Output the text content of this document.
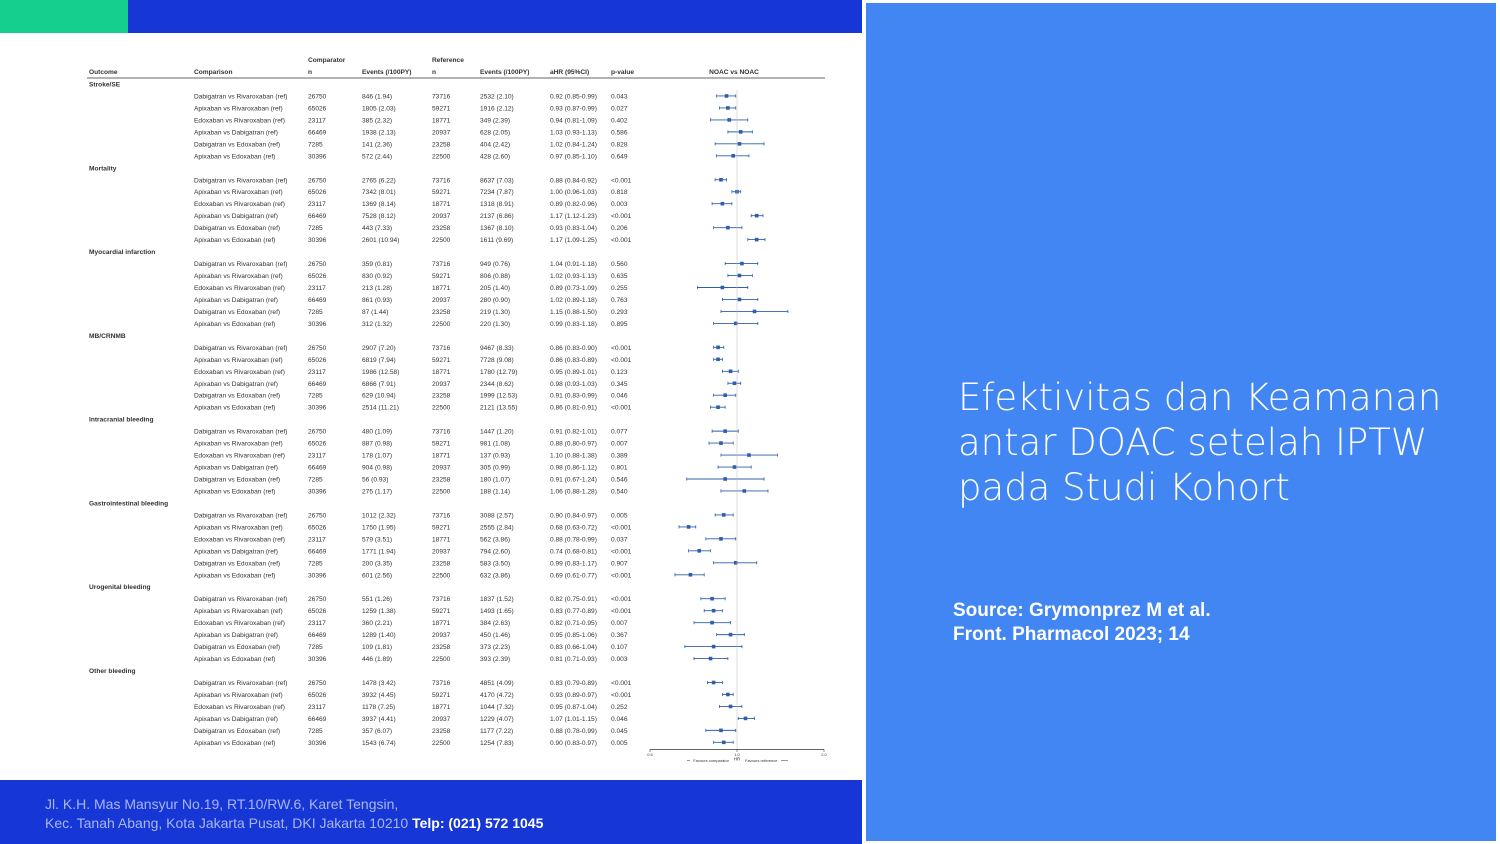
Comparator	Reference
Outcome	Comparison	n	Events (/100PY)	n	Events (/100PY)	aHR (95%CI)	p-value	NOAC vs NOAC
Stroke/SE
Dabigatran vs Rivaroxaban (ref)	26750	846 (1.94)	73716	2532 (2.10)	0.92 (0.85-0.99) 0.043
Apixaban vs Rivaroxaban (ref)	65026	1805 (2.03)	59271	1916 (2.12)	0.93 (0.87-0.99) 0.027
Edoxaban vs Rivaroxaban (ref)	23117	385 (2.32)	18771	349 (2.39)	0.94 (0.81-1.09) 0.402
Apixaban vs Dabigatran (ref)	66469	1938 (2.13)	20937	628 (2.05)	1.03 (0.93-1.13) 0.586
Dabigatran vs Edoxaban (ref)	7285	141 (2.36)	23258	404 (2.42)	1.02 (0.84-1.24) 0.828
Apixaban vs Edoxaban (ref)	30396	572 (2.44)	22500	428 (2.60)	0.97 (0.85-1.10) 0.649
Mortality
Dabigatran vs Rivaroxaban (ref)	26750	2765 (6.22)	73716	8637 (7.03)	0.88 (0.84-0.92) <0.001
Apixaban vs Rivaroxaban (ref)	65026	7342 (8.01)	59271	7234 (7.87)	1.00 (0.96-1.03) 0.818
Edoxaban vs Rivaroxaban (ref)	23117	1369 (8.14)	18771	1318 (8.91)	0.89 (0.82-0.96) 0.003
Apixaban vs Dabigatran (ref)	66469	7528 (8.12)	20937	2137 (6.86)	1.17 (1.12-1.23) <0.001
Dabigatran vs Edoxaban (ref)	7285	443 (7.33)	23258	1367 (8.10)	0.93 (0.83-1.04) 0.206
Apixaban vs Edoxaban (ref)	30396	2601 (10.94)	22500	1611 (9.69)	1.17 (1.09-1.25) <0.001
Myocardial infarction
Dabigatran vs Rivaroxaban (ref)	26750	359 (0.81)	73716	949 (0.76)	1.04 (0.91-1.18) 0.560
Apixaban vs Rivaroxaban (ref)	65026	830 (0.92)	59271	806 (0.88)	1.02 (0.93-1.13) 0.635
Edoxaban vs Rivaroxaban (ref)	23117	213 (1.28)	18771	205 (1.40)	0.89 (0.73-1.09) 0.255
Apixaban vs Dabigatran (ref)	66469	861 (0.93)	20937	280 (0.90)	1.02 (0.89-1.18) 0.763
Dabigatran vs Edoxaban (ref)	7285	87 (1.44)	23258	219 (1.30)	1.15 (0.88-1.50) 0.293
Apixaban vs Edoxaban (ref)	30396	312 (1.32)	22500	220 (1.30)	0.99 (0.83-1.18) 0.895
MB/CRNMB
Dabigatran vs Rivaroxaban (ref)	26750	2907 (7.20)	73716	9467 (8.33)	0.86 (0.83-0.90) <0.001
Apixaban vs Rivaroxaban (ref)	65026	6819 (7.94)	59271	7728 (9.08)	0.86 (0.83-0.89) <0.001
Edoxaban vs Rivaroxaban (ref)	23117	1986 (12.58)	18771	1780 (12.79)	0.95 (0.89-1.01) 0.123
Apixaban vs Dabigatran (ref)	66469	6866 (7.91)	20937	2344 (8.62)	0.98 (0.93-1.03) 0.345
Dabigatran vs Edoxaban (ref)	7285	629 (10.94)	23258	1999 (12.53)	0.91 (0.83-0.99) 0.046
Apixaban vs Edoxaban (ref)	30396	2514 (11.21)	22500	2121 (13.55)	0.86 (0.81-0.91) <0.001
Intracranial bleeding
Dabigatran vs Rivaroxaban (ref)	26750	480 (1.09)	73716	1447 (1.20)	0.91 (0.82-1.01) 0.077
Apixaban vs Rivaroxaban (ref)	65026	887 (0.98)	59271	981 (1.08)	0.88 (0.80-0.97) 0.007
Edoxaban vs Rivaroxaban (ref)	23117	178 (1.07)	18771	137 (0.93)	1.10 (0.88-1.38) 0.389
Apixaban vs Dabigatran (ref)	66469	904 (0.98)	20937	305 (0.99)	0.98 (0.86-1.12) 0.801
Dabigatran vs Edoxaban (ref)	7285	56 (0.93)	23258	180 (1.07)	0.91 (0.67-1.24) 0.546
Apixaban vs Edoxaban (ref)	30396	275 (1.17)	22500	188 (1.14)	1.06 (0.88-1.28) 0.540
Gastrointestinal bleeding
Dabigatran vs Rivaroxaban (ref)	26750	1012 (2.32)	73716	3088 (2.57)	0.90 (0.84-0.97) 0.005
Apixaban vs Rivaroxaban (ref)	65026	1750 (1.95)	59271	2555 (2.84)	0.68 (0.63-0.72) <0.001
Edoxaban vs Rivaroxaban (ref)	23117	579 (3.51)	18771	562 (3.86)	0.88 (0.78-0.99) 0.037
Apixaban vs Dabigatran (ref)	66469	1771 (1.94)	20937	794 (2.60)	0.74 (0.68-0.81) <0.001
Dabigatran vs Edoxaban (ref)	7285	200 (3.35)	23258	583 (3.50)	0.99 (0.83-1.17) 0.907
Apixaban vs Edoxaban (ref)	30396	601 (2.56)	22500	632 (3.86)	0.69 (0.61-0.77) <0.001
Urogenital bleeding
Dabigatran vs Rivaroxaban (ref)	26750	551 (1.26)	73716	1837 (1.52)	0.82 (0.75-0.91) <0.001
Apixaban vs Rivaroxaban (ref)	65026	1259 (1.38)	59271	1493 (1.65)	0.83 (0.77-0.89) <0.001
Edoxaban vs Rivaroxaban (ref)	23117	360 (2.21)	18771	384 (2.63)	0.82 (0.71-0.95) 0.007
Apixaban vs Dabigatran (ref)	66469	1289 (1.40)	20937	450 (1.46)	0.95 (0.85-1.06) 0.367
Dabigatran vs Edoxaban (ref)	7285	109 (1.81)	23258	373 (2.23)	0.83 (0.66-1.04) 0.107
Apixaban vs Edoxaban (ref)	30396	446 (1.89)	22500	393 (2.39)	0.81 (0.71-0.93) 0.003
Other bleeding
Dabigatran vs Rivaroxaban (ref)	26750	1478 (3.42)	73716	4851 (4.09)	0.83 (0.79-0.89) <0.001
Apixaban vs Rivaroxaban (ref)	65026	3932 (4.45)	59271	4170 (4.72)	0.93 (0.89-0.97) <0.001
Edoxaban vs Rivaroxaban (ref)	23117	1178 (7.25)	18771	1044 (7.32)	0.95 (0.87-1.04) 0.252
Apixaban vs Dabigatran (ref)	66469	3937 (4.41)	20937	1229 (4.07)	1.07 (1.01-1.15) 0.046
Dabigatran vs Edoxaban (ref)	7285	357 (6.07)	23258	1177 (7.22)	0.88 (0.78-0.99) 0.045
Apixaban vs Edoxaban (ref)	30396	1543 (6.74)	22500	1254 (7.83)	0.90 (0.83-0.97) 0.005
0.5	1.0	2.0
HR
Favours comparator	Favours reference
Jl. K.H. Mas Mansyur No.19, RT.10/RW.6, Karet Tengsin,
Kec. Tanah Abang, Kota Jakarta Pusat, DKI Jakarta 10210 Telp: (021) 572 1045
Efektivitas dan Keamanan antar DOAC setelah IPTW pada Studi Kohort
Source: Grymonprez M et al.
Front. Pharmacol 2023; 14
